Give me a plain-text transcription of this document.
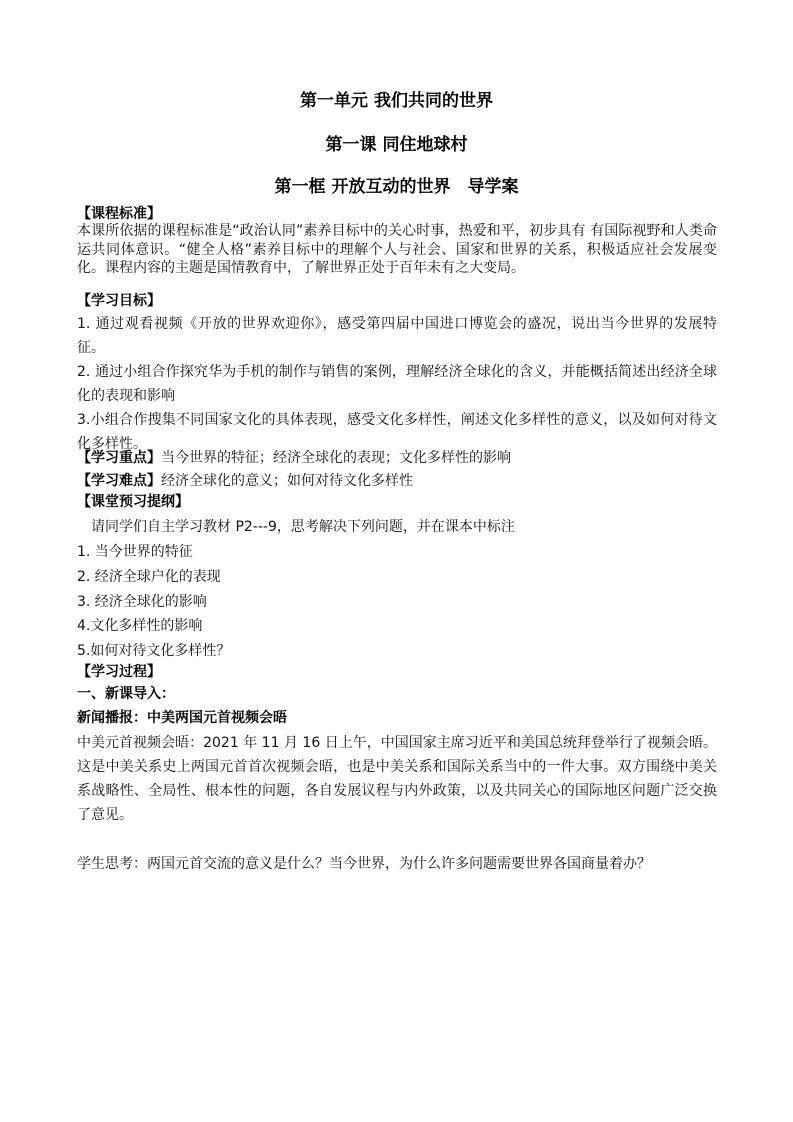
第一单元 我们共同的世界
第一课 同住地球村
第一框 开放互动的世界　导学案
【课程标准】
本课所依据的课程标准是“政治认同”素养目标中的关心时事，热爱和平，初步具有 有国际视野和人类命运共同体意识。“健全人格”素养目标中的理解个人与社会、国家和世界的关系，积极适应社会发展变化。课程内容的主题是国情教育中，了解世界正处于百年未有之大变局。
【学习目标】
1. 通过观看视频《开放的世界欢迎你》，感受第四届中国进口博览会的盛况，说出当今世界的发展特征。
2. 通过小组合作探究华为手机的制作与销售的案例，理解经济全球化的含义，并能概括简述出经济全球化的表现和影响
3.小组合作搜集不同国家文化的具体表现，感受文化多样性，阐述文化多样性的意义，以及如何对待文化多样性。
【学习重点】当今世界的特征；经济全球化的表现；文化多样性的影响
【学习难点】经济全球化的意义；如何对待文化多样性
【课堂预习提纲】
请同学们自主学习教材 P2---9，思考解决下列问题，并在课本中标注
1. 当今世界的特征
2. 经济全球户化的表现
3. 经济全球化的影响
4.文化多样性的影响
5.如何对待文化多样性？
【学习过程】
一、新课导入：
新闻播报：中美两国元首视频会晤
中美元首视频会晤：2021 年 11 月 16 日上午，中国国家主席习近平和美国总统拜登举行了视频会晤。这是中美关系史上两国元首首次视频会晤，也是中美关系和国际关系当中的一件大事。双方围绕中美关系战略性、全局性、根本性的问题，各自发展议程与内外政策，以及共同关心的国际地区问题广泛交换了意见。
学生思考：两国元首交流的意义是什么？当今世界，为什么许多问题需要世界各国商量着办？
